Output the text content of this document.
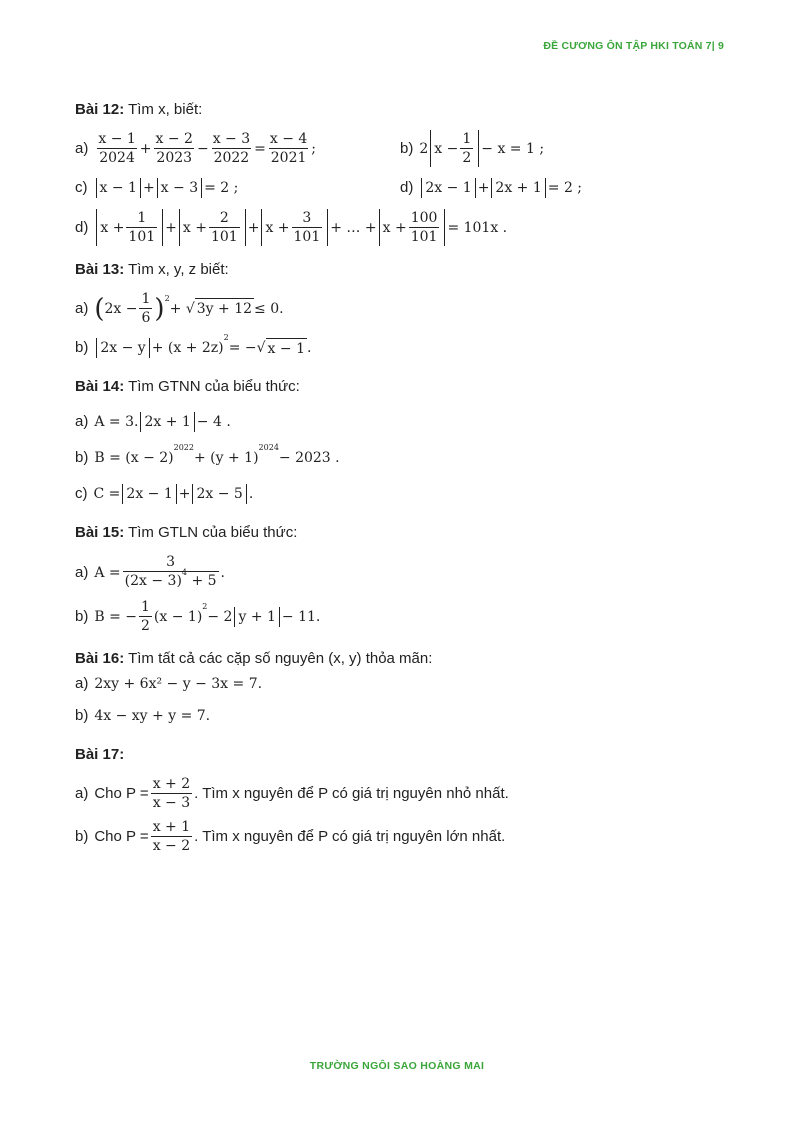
ĐỀ CƯƠNG ÔN TẬP HKI TOÁN 7| 9
Bài 12: Tìm x, biết:
$a) \frac{x - 1}{2024} + \frac{x - 2}{2023} - \frac{x - 3}{2022} = \frac{x - 4}{2021}$ ;	b) 2 $x - \frac{1}{2} - x = 1$ ;
c) x − 1 + x − 3 = 2 ;	d) 2x − 1 + 2x + 1 = 2 ;
d) $x + \frac{1}{101} + x + \frac{2}{101} + x + \frac{3}{101}$ + … + $x + \frac{100}{101} = 101x$ .
Bài 13: Tìm x, y, z biết:
a) ( $2x - \frac{1}{6}$ ) 2
+ √ 3y + 12 ≤ 0.
b) 2x − y + (x + 2z)
2
= −√ x − 1 .
Bài 14: Tìm GTNN của biểu thức:
a) A = 3. 2x + 1 − 4 .
b) B = (x − 2)
2022
+ (y + 1)
2024
− 2023 .
c) C = 2x − 1 + 2x − 5 .
Bài 15: Tìm GTLN của biểu thức:
a) $A = \frac{3}{(2x - 3)^4 + 5}$ .
b) B = − $\frac{1}{2} (x - 1)$
2
− 2 y + 1 − 11.
Bài 16: Tìm tất cả các cặp số nguyên (x, y) thỏa mãn:
a) 2xy + 6x² − y − 3x = 7.
b) 4x − xy + y = 7.
Bài 17:
a) Cho $P = \frac{x + 2}{x - 3}$ . Tìm x nguyên để P có giá trị nguyên nhỏ nhất.
b) Cho $P = \frac{x + 1}{x - 2}$ . Tìm x nguyên để P có giá trị nguyên lớn nhất.
TRƯỜNG NGÔI SAO HOÀNG MAI
